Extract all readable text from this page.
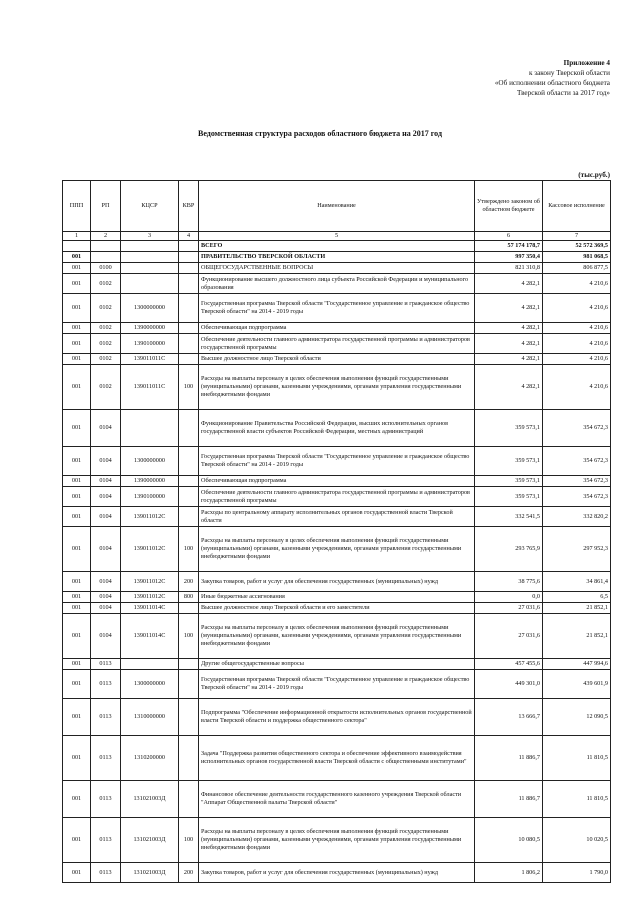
Приложение 4
к закону Тверской области
«Об исполнении областного бюджета
Тверской области за 2017 год»
Ведомственная структура расходов областного бюджета на 2017 год
(тыс.руб.)
ППП	РП	КЦСР	КВР	Наименование	Утверждено законом об областном бюджете	Кассовое исполнение
1	2	3	4	5	6	7
				ВСЕГО	57 174 178,7	52 572 369,5
001				ПРАВИТЕЛЬСТВО ТВЕРСКОЙ ОБЛАСТИ	997 350,4	981 068,5
001	0100			ОБЩЕГОСУДАРСТВЕННЫЕ ВОПРОСЫ	821 310,8	806 877,5
001	0102			Функционирование высшего должностного лица субъекта Российской Федерации и муниципального образования	4 282,1	4 210,6
001	0102	1300000000		Государственная программа Тверской области "Государственное управление и гражданское общество Тверской области" на 2014 - 2019 годы	4 282,1	4 210,6
001	0102	1390000000		Обеспечивающая подпрограмма	4 282,1	4 210,6
001	0102	1390100000		Обеспечение деятельности главного администратора государственной программы и администраторов государственной программы	4 282,1	4 210,6
001	0102	139011011С		Высшее должностное лицо Тверской области	4 282,1	4 210,6
001	0102	139011011С	100	Расходы на выплаты персоналу в целях обеспечения выполнения функций государственными (муниципальными) органами, казенными учреждениями, органами управления государственными внебюджетными фондами	4 282,1	4 210,6
001	0104			Функционирование Правительства Российской Федерации, высших исполнительных органов государственной власти субъектов Российской Федерации, местных администраций	359 573,1	354 672,3
001	0104	1300000000		Государственная программа Тверской области "Государственное управление и гражданское общество Тверской области" на 2014 - 2019 годы	359 573,1	354 672,3
001	0104	1390000000		Обеспечивающая подпрограмма	359 573,1	354 672,3
001	0104	1390100000		Обеспечение деятельности главного администратора государственной программы и администраторов государственной программы	359 573,1	354 672,3
001	0104	139011012С		Расходы по центральному аппарату исполнительных органов государственной власти Тверской области	332 541,5	332 820,2
001	0104	139011012С	100	Расходы на выплаты персоналу в целях обеспечения выполнения функций государственными (муниципальными) органами, казенными учреждениями, органами управления государственными внебюджетными фондами	293 765,9	297 952,3
001	0104	139011012С	200	Закупка товаров, работ и услуг для обеспечения государственных (муниципальных) нужд	38 775,6	34 861,4
001	0104	139011012С	800	Иные бюджетные ассигнования	0,0	6,5
001	0104	139011014С		Высшее должностное лицо Тверской области и его заместители	27 031,6	21 852,1
001	0104	139011014С	100	Расходы на выплаты персоналу в целях обеспечения выполнения функций государственными (муниципальными) органами, казенными учреждениями, органами управления государственными внебюджетными фондами	27 031,6	21 852,1
001	0113			Другие общегосударственные вопросы	457 455,6	447 994,6
001	0113	1300000000		Государственная программа Тверской области "Государственное управление и гражданское общество Тверской области" на 2014 - 2019 годы	449 301,0	439 601,9
001	0113	1310000000		Подпрограмма "Обеспечение информационной открытости исполнительных органов государственной власти Тверской области и поддержка общественного сектора"	13 666,7	12 090,5
001	0113	1310200000		Задача "Поддержка развития общественного сектора и обеспечение эффективного взаимодействия исполнительных органов государственной власти Тверской области с общественными институтами"	11 886,7	11 810,5
001	0113	131021003Д		Финансовое обеспечение деятельности государственного казенного учреждения Тверской области "Аппарат Общественной палаты Тверской области"	11 886,7	11 810,5
001	0113	131021003Д	100	Расходы на выплаты персоналу в целях обеспечения выполнения функций государственными (муниципальными) органами, казенными учреждениями, органами управления государственными внебюджетными фондами	10 080,5	10 020,5
001	0113	131021003Д	200	Закупка товаров, работ и услуг для обеспечения государственных (муниципальных) нужд	1 806,2	1 790,0
